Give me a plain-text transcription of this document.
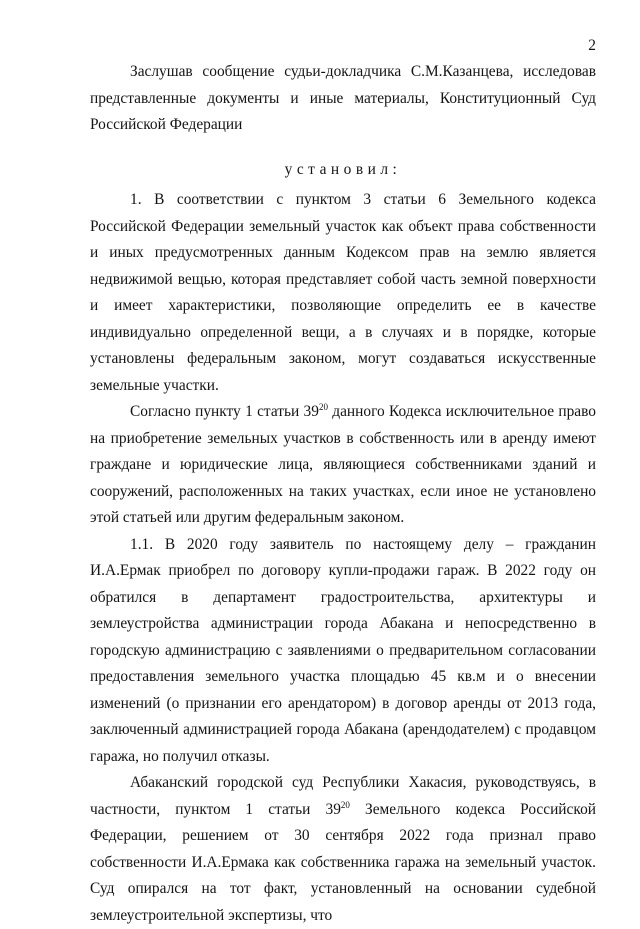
2

Заслушав сообщение судьи-докладчика С.М.Казанцева, исследовав представленные документы и иные материалы, Конституционный Суд Российской Федерации

установил:

1. В соответствии с пунктом 3 статьи 6 Земельного кодекса Российской Федерации земельный участок как объект права собственности и иных предусмотренных данным Кодексом прав на землю является недвижимой вещью, которая представляет собой часть земной поверхности и имеет характеристики, позволяющие определить ее в качестве индивидуально определенной вещи, а в случаях и в порядке, которые установлены федеральным законом, могут создаваться искусственные земельные участки.

Согласно пункту 1 статьи $39^{20}$ данного Кодекса исключительное право на приобретение земельных участков в собственность или в аренду имеют граждане и юридические лица, являющиеся собственниками зданий и сооружений, расположенных на таких участках, если иное не установлено этой статьей или другим федеральным законом.

1.1. В 2020 году заявитель по настоящему делу – гражданин И.А.Ермак приобрел по договору купли-продажи гараж. В 2022 году он обратился в департамент градостроительства, архитектуры и землеустройства администрации города Абакана и непосредственно в городскую администрацию с заявлениями о предварительном согласовании предоставления земельного участка площадью 45 кв.м и о внесении изменений (о признании его арендатором) в договор аренды от 2013 года, заключенный администрацией города Абакана (арендодателем) с продавцом гаража, но получил отказы.

Абаканский городской суд Республики Хакасия, руководствуясь, в частности, пунктом 1 статьи $39^{20}$ Земельного кодекса Российской Федерации, решением от 30 сентября 2022 года признал право собственности И.А.Ермака как собственника гаража на земельный участок. Суд опирался на тот факт, установленный на основании судебной землеустроительной экспертизы, что
